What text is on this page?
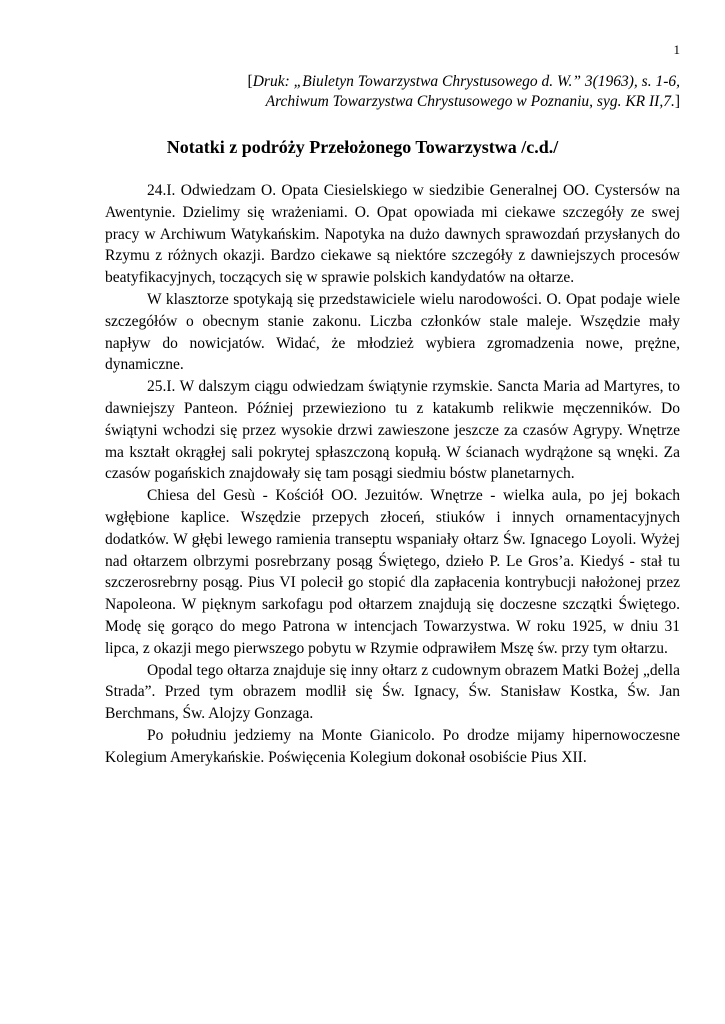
1
[Druk: „Biuletyn Towarzystwa Chrystusowego d. W.” 3(1963), s. 1-6,
Archiwum Towarzystwa Chrystusowego w Poznaniu, syg. KR II,7.]
Notatki z podróży Przełożonego Towarzystwa /c.d./

24.I. Odwiedzam O. Opata Ciesielskiego w siedzibie Generalnej OO. Cystersów na Awentynie. Dzielimy się wrażeniami. O. Opat opowiada mi ciekawe szczegóły ze swej pracy w Archiwum Watykańskim. Napotyka na dużo dawnych sprawozdań przysłanych do Rzymu z różnych okazji. Bardzo ciekawe są niektóre szczegóły z dawniejszych procesów beatyfikacyjnych, toczących się w sprawie polskich kandydatów na ołtarze.

W klasztorze spotykają się przedstawiciele wielu narodowości. O. Opat podaje wiele szczegółów o obecnym stanie zakonu. Liczba członków stale maleje. Wszędzie mały napływ do nowicjatów. Widać, że młodzież wybiera zgromadzenia nowe, prężne, dynamiczne.

25.I. W dalszym ciągu odwiedzam świątynie rzymskie. Sancta Maria ad Martyres, to dawniejszy Panteon. Później przewieziono tu z katakumb relikwie męczenników. Do świątyni wchodzi się przez wysokie drzwi zawieszone jeszcze za czasów Agrypy. Wnętrze ma kształt okrągłej sali pokrytej spłaszczoną kopułą. W ścianach wydrążone są wnęki. Za czasów pogańskich znajdowały się tam posągi siedmiu bóstw planetarnych.

Chiesa del Gesù - Kościół OO. Jezuitów. Wnętrze - wielka aula, po jej bokach wgłębione kaplice. Wszędzie przepych złoceń, stiuków i innych ornamentacyjnych dodatków. W głębi lewego ramienia transeptu wspaniały ołtarz Św. Ignacego Loyoli. Wyżej nad ołtarzem olbrzymi posrebrzany posąg Świętego, dzieło P. Le Gros’a. Kiedyś - stał tu szczerosrebrny posąg. Pius VI polecił go stopić dla zapłacenia kontrybucji nałożonej przez Napoleona. W pięknym sarkofagu pod ołtarzem znajdują się doczesne szczątki Świętego. Modę się gorąco do mego Patrona w intencjach Towarzystwa. W roku 1925, w dniu 31 lipca, z okazji mego pierwszego pobytu w Rzymie odprawiłem Mszę św. przy tym ołtarzu.

Opodal tego ołtarza znajduje się inny ołtarz z cudownym obrazem Matki Bożej „della Strada”. Przed tym obrazem modlił się Św. Ignacy, Św. Stanisław Kostka, Św. Jan Berchmans, Św. Alojzy Gonzaga.

Po południu jedziemy na Monte Gianicolo. Po drodze mijamy hipernowoczesne Kolegium Amerykańskie. Poświęcenia Kolegium dokonał osobiście Pius XII.
